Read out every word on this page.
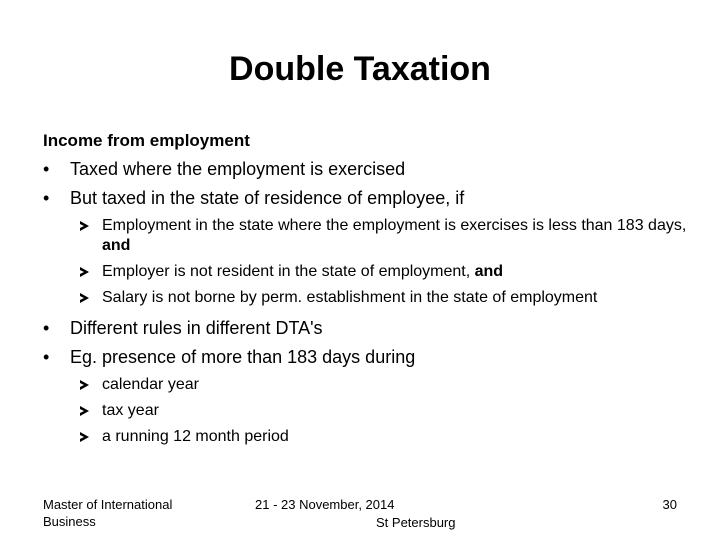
Double Taxation
Income from employment
• Taxed where the employment is exercised
• But taxed in the state of residence of employee, if
Employment in the state where the employment is exercises is less than 183 days, and
Employer is not resident in the state of employment, and
Salary is not borne by perm. establishment in the state of employment
• Different rules in different DTA's
• Eg. presence of more than 183 days during
calendar year
tax year
a running 12 month period
Master of International
Business
21 - 23 November, 2014
St Petersburg
30
